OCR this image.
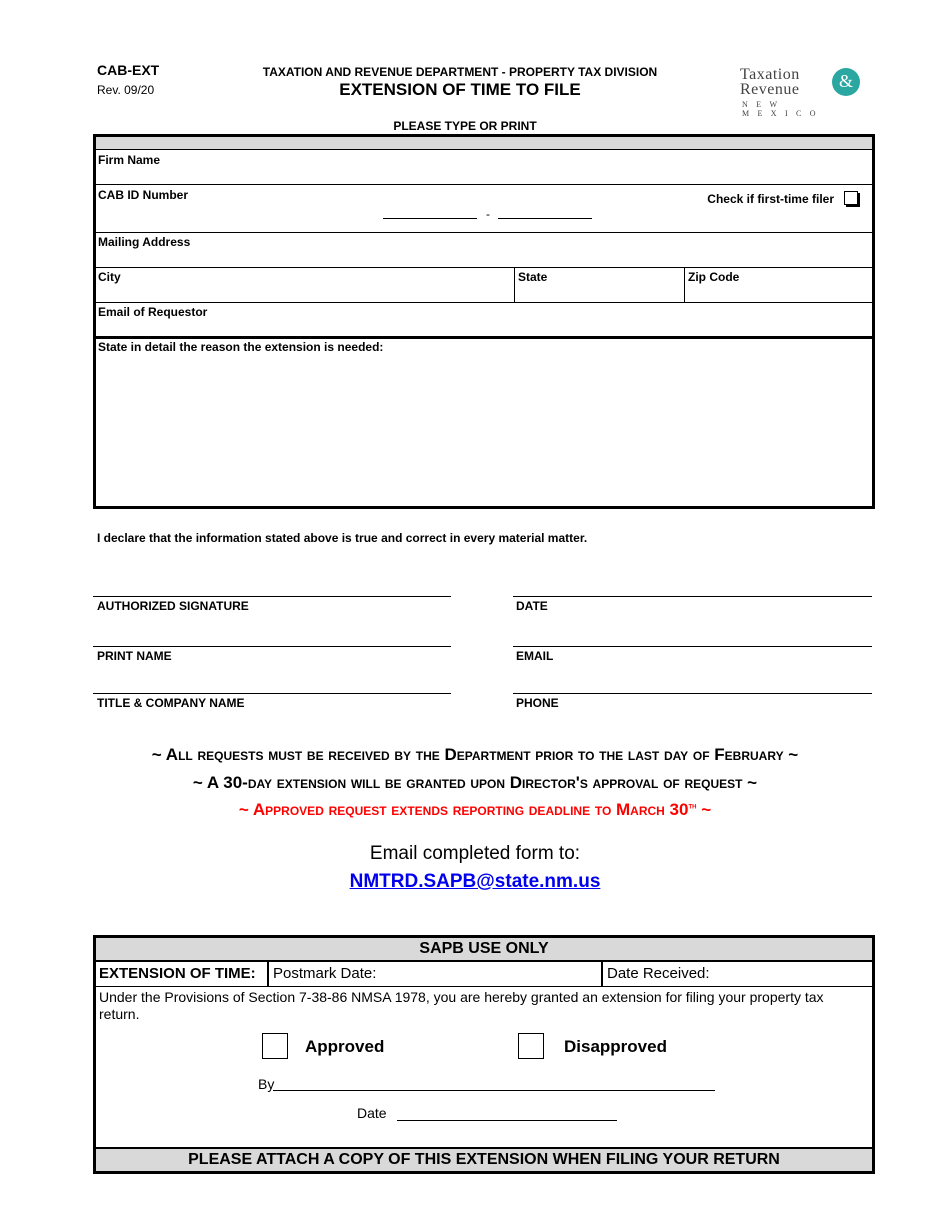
CAB-EXT
Rev. 09/20
TAXATION AND REVENUE DEPARTMENT - PROPERTY TAX DIVISION
EXTENSION OF TIME TO FILE
Taxation
Revenue	&
NEW MEXICO
PLEASE TYPE OR PRINT
Firm Name
CAB ID Number
-
Check if first-time filer
Mailing Address
City	State	Zip Code
Email of Requestor
State in detail the reason the extension is needed:
I declare that the information stated above is true and correct in every material matter.
AUTHORIZED SIGNATURE	DATE
PRINT NAME	EMAIL
TITLE & COMPANY NAME	PHONE
~ All requests must be received by the Department prior to the last day of February ~
~ A 30-day extension will be granted upon Director's approval of request ~
~ Approved request extends reporting deadline to March 30th ~
Email completed form to:
NMTRD.SAPB@state.nm.us
SAPB USE ONLY
EXTENSION OF TIME: Postmark Date:	Date Received:
Under the Provisions of Section 7-38-86 NMSA 1978, you are hereby granted an extension for filing your property tax return.
Approved	Disapproved
By
Date
PLEASE ATTACH A COPY OF THIS EXTENSION WHEN FILING YOUR RETURN
